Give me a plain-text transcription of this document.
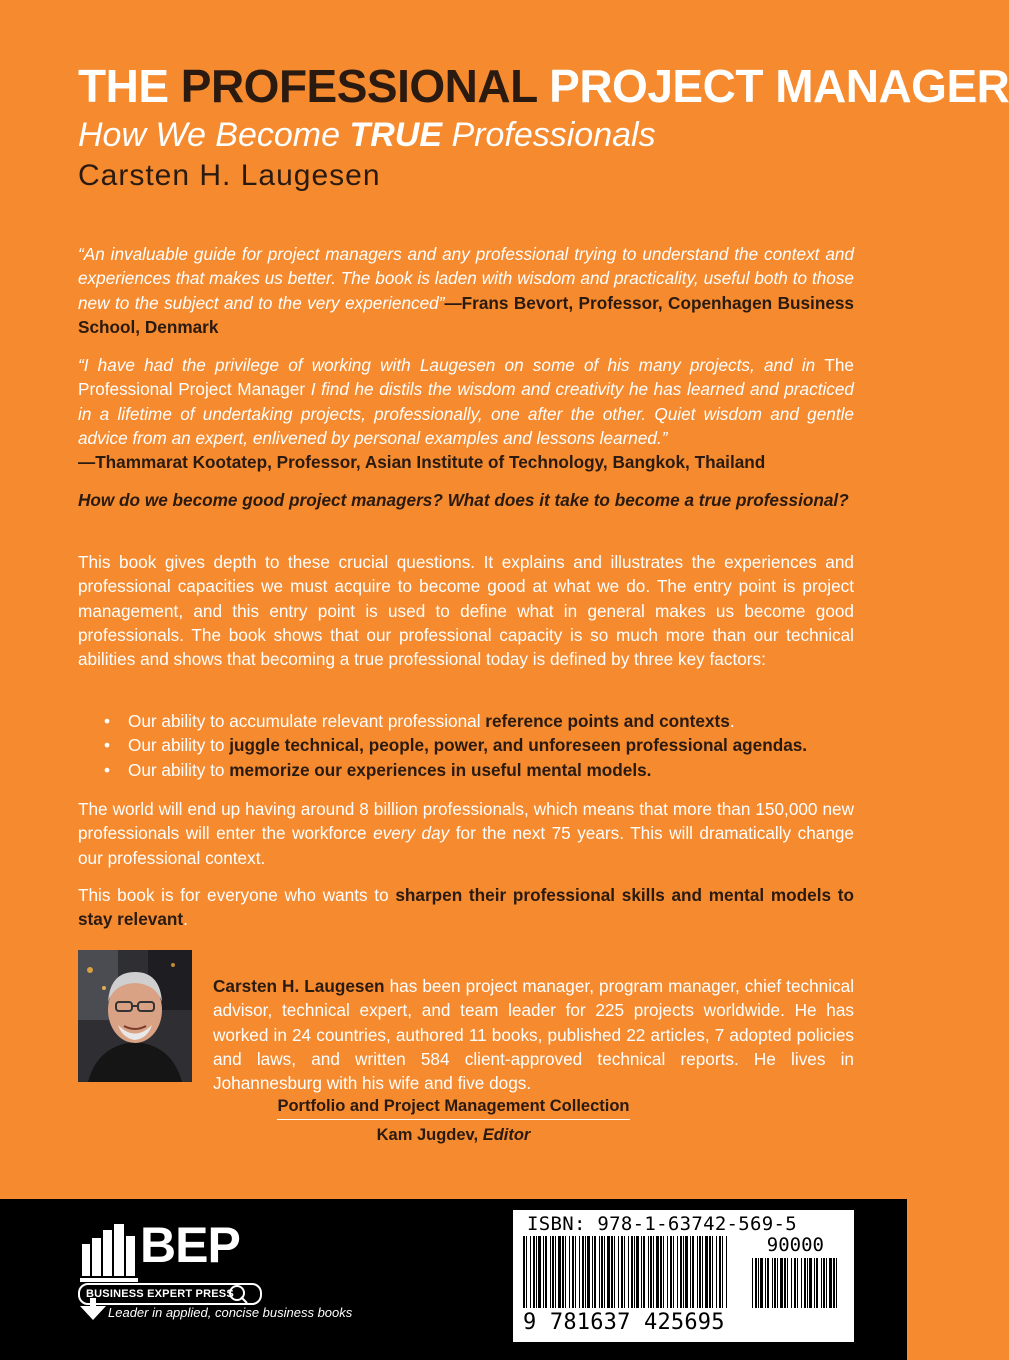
THE PROFESSIONAL PROJECT MANAGER

How We Become TRUE Professionals

Carsten H. Laugesen

“An invaluable guide for project managers and any professional trying to understand the context and experiences that makes us better. The book is laden with wisdom and practicality, useful both to those new to the subject and to the very experienced”—Frans Bevort, Professor, Copenhagen Business School, Denmark

“I have had the privilege of working with Laugesen on some of his many projects, and in The Professional Project Manager I find he distils the wisdom and creativity he has learned and practiced in a lifetime of undertaking projects, professionally, one after the other. Quiet wisdom and gentle advice from an expert, enlivened by personal examples and lessons learned.”
—Thammarat Kootatep, Professor, Asian Institute of Technology, Bangkok, Thailand

How do we become good project managers? What does it take to become a true professional?

This book gives depth to these crucial questions. It explains and illustrates the experiences and professional capacities we must acquire to become good at what we do. The entry point is project management, and this entry point is used to define what in general makes us become good professionals. The book shows that our professional capacity is so much more than our technical abilities and shows that becoming a true professional today is defined by three key factors:

• Our ability to accumulate relevant professional reference points and contexts.
• Our ability to juggle technical, people, power, and unforeseen professional agendas.
• Our ability to memorize our experiences in useful mental models.

The world will end up having around 8 billion professionals, which means that more than 150,000 new professionals will enter the workforce every day for the next 75 years. This will dramatically change our professional context.

This book is for everyone who wants to sharpen their professional skills and mental models to stay relevant.

Carsten H. Laugesen has been project manager, program manager, chief technical advisor, technical expert, and team leader for 225 projects worldwide. He has worked in 24 countries, authored 11 books, published 22 articles, 7 adopted policies and laws, and written 584 client-approved technical reports. He lives in Johannesburg with his wife and five dogs.

Portfolio and Project Management Collection
Kam Jugdev, Editor
BEP
BUSINESS EXPERT PRESS
Leader in applied, concise business books
ISBN: 978-1-63742-569-5
90000
9 781637 425695
